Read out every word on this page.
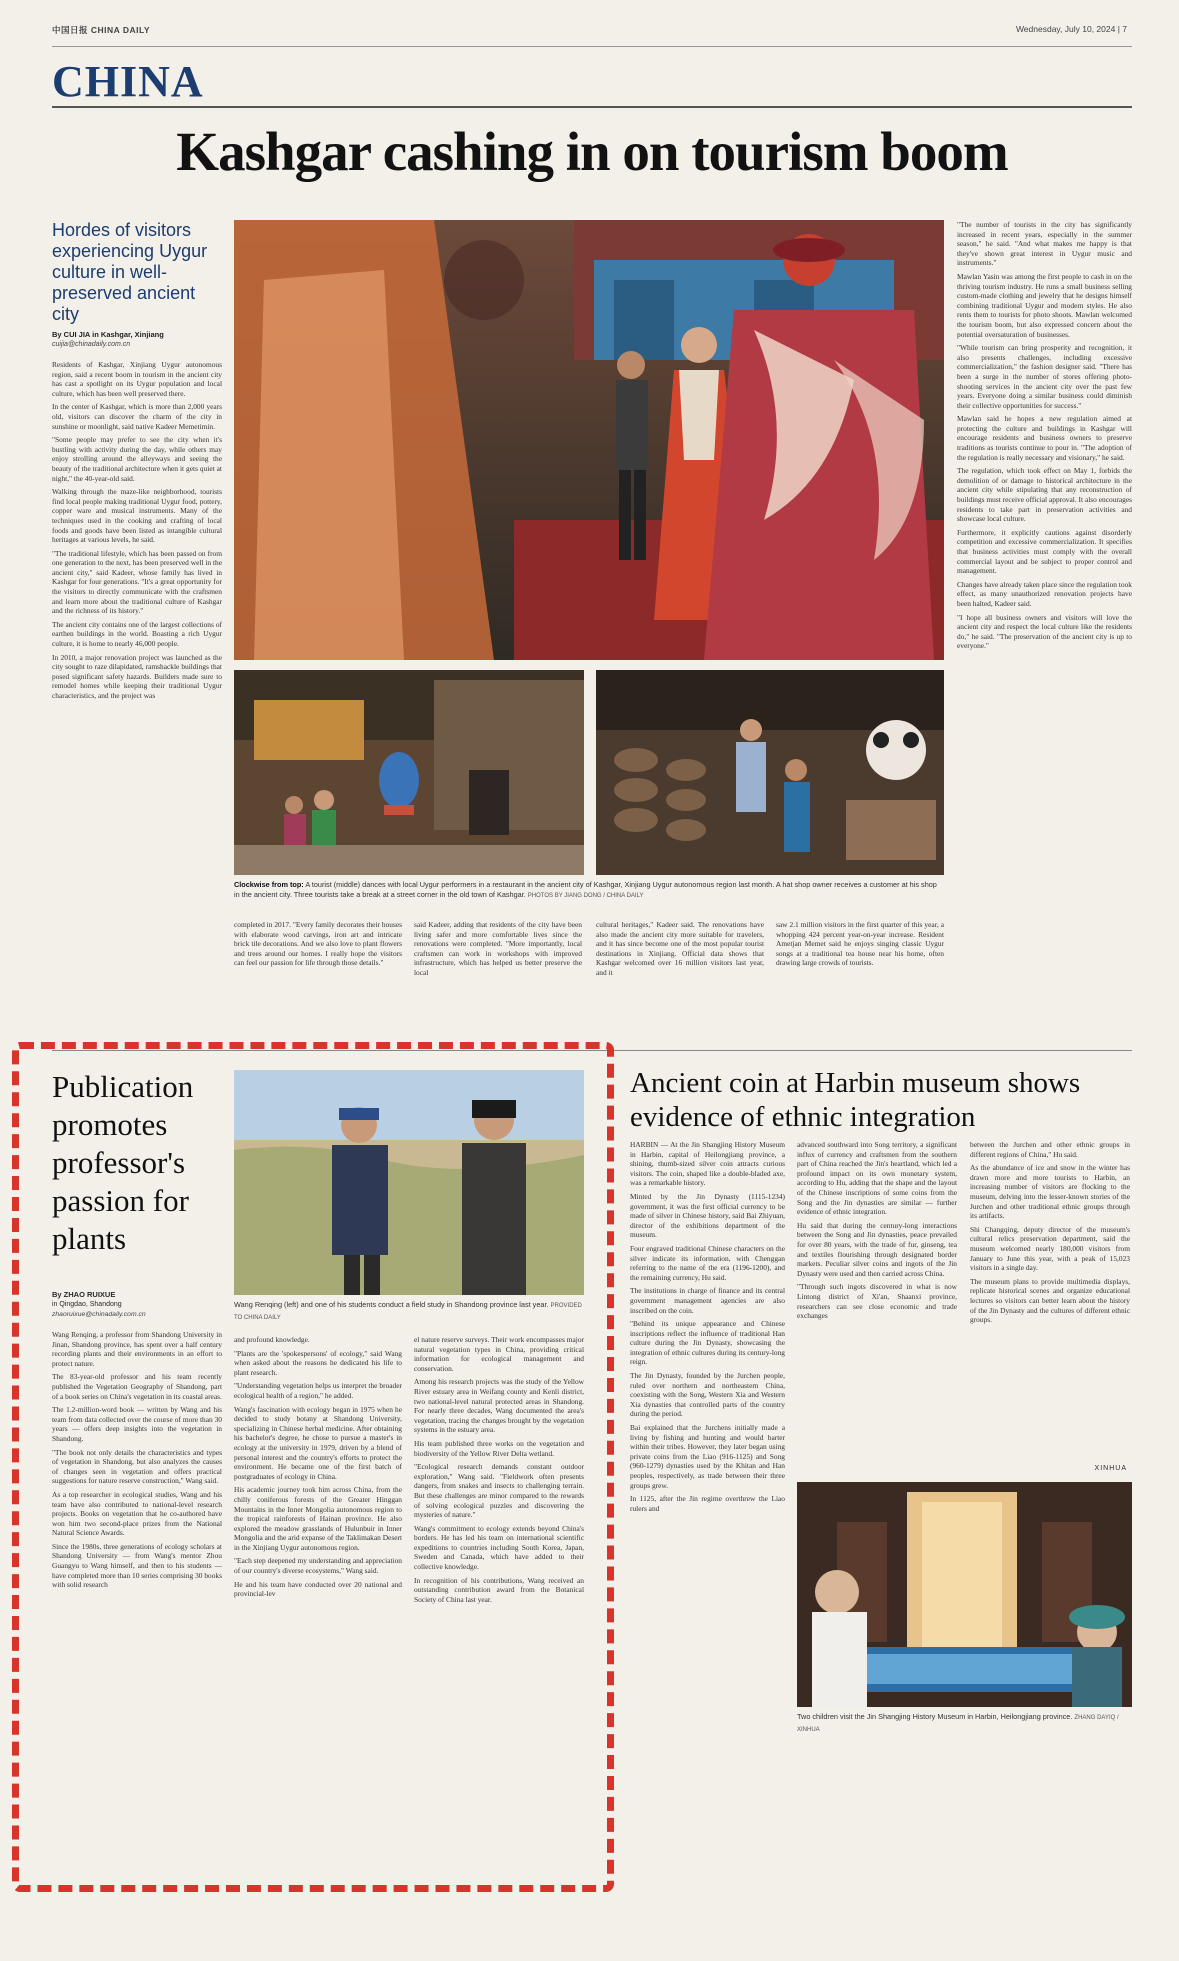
中国日报 CHINA DAILY	Wednesday, July 10, 2024 | 7
CHINA
Kashgar cashing in on tourism boom
Hordes of visitors experiencing Uygur culture in well-preserved ancient city
By CUI JIA in Kashgar, Xinjiang
cuijia@chinadaily.com.cn

Residents of Kashgar, Xinjiang Uygur autonomous region, said a recent boom in tourism in the ancient city has cast a spotlight on its Uygur population and local culture, which has been well preserved there.

In the center of Kashgar, which is more than 2,000 years old, visitors can discover the charm of the city in sunshine or moonlight, said native Kadeer Memetimin.

"Some people may prefer to see the city when it's bustling with activity during the day, while others may enjoy strolling around the alleyways and seeing the beauty of the traditional architecture when it gets quiet at night," the 40-year-old said.

Walking through the maze-like neighborhood, tourists find local people making traditional Uygur food, pottery, copper ware and musical instruments. Many of the techniques used in the cooking and crafting of local foods and goods have been listed as intangible cultural heritages at various levels, he said.

"The traditional lifestyle, which has been passed on from one generation to the next, has been preserved well in the ancient city," said Kadeer, whose family has lived in Kashgar for four generations. "It's a great opportunity for the visitors to directly communicate with the craftsmen and learn more about the traditional culture of Kashgar and the richness of its history."

The ancient city contains one of the largest collections of earthen buildings in the world. Boasting a rich Uygur culture, it is home to nearly 46,000 people.

In 2010, a major renovation project was launched as the city sought to raze dilapidated, ramshackle buildings that posed significant safety hazards. Builders made sure to remodel homes while keeping their traditional Uygur characteristics, and the project was

Clockwise from top: A tourist (middle) dances with local Uygur performers in a restaurant in the ancient city of Kashgar, Xinjiang Uygur autonomous region last month. A hat shop owner receives a customer at his shop in the ancient city. Three tourists take a break at a street corner in the old town of Kashgar. PHOTOS BY JIANG DONG / CHINA DAILY

"The number of tourists in the city has significantly increased in recent years, especially in the summer season," he said. "And what makes me happy is that they've shown great interest in Uygur music and instruments."

Mawlan Yasin was among the first people to cash in on the thriving tourism industry. He runs a small business selling custom-made clothing and jewelry that he designs himself combining traditional Uygur and modern styles. He also rents them to tourists for photo shoots. Mawlan welcomed the tourism boom, but also expressed concern about the potential oversaturation of businesses.

"While tourism can bring prosperity and recognition, it also presents challenges, including excessive commercialization," the fashion designer said. "There has been a surge in the number of stores offering photo-shooting services in the ancient city over the past few years. Everyone doing a similar business could diminish their collective opportunities for success."

Mawlan said he hopes a new regulation aimed at protecting the culture and buildings in Kashgar will encourage residents and business owners to preserve traditions as tourists continue to pour in. "The adoption of the regulation is really necessary and visionary," he said.

The regulation, which took effect on May 1, forbids the demolition of or damage to historical architecture in the ancient city while stipulating that any reconstruction of buildings must receive official approval. It also encourages residents to take part in preservation activities and showcase local culture.

Furthermore, it explicitly cautions against disorderly competition and excessive commercialization. It specifies that business activities must comply with the overall commercial layout and be subject to proper control and management.

Changes have already taken place since the regulation took effect, as many unauthorized renovation projects have been halted, Kadeer said.

"I hope all business owners and visitors will love the ancient city and respect the local culture like the residents do," he said. "The preservation of the ancient city is up to everyone."

completed in 2017. "Every family decorates their houses with elaborate wood carvings, iron art and intricate brick tile decorations. And we also love to plant flowers and trees around our homes. I really hope the visitors can feel our passion for life through those details."
said Kadeer, adding that residents of the city have been living safer and more comfortable lives since the renovations were completed. "More importantly, local craftsmen can work in workshops with improved infrastructure, which has helped us better preserve the local
cultural heritages," Kadeer said. The renovations have also made the ancient city more suitable for travelers, and it has since become one of the most popular tourist destinations in Xinjiang. Official data shows that Kashgar welcomed over 16 million visitors last year, and it
saw 2.1 million visitors in the first quarter of this year, a whopping 424 percent year-on-year increase. Resident Ametjan Memet said he enjoys singing classic Uygur songs at a traditional tea house near his home, often drawing large crowds of tourists.
Publication promotes professor's passion for plants
By ZHAO RUIXUE
in Qingdao, Shandong
zhaoruixue@chinadaily.com.cn
Wang Renqing (left) and one of his students conduct a field study in Shandong province last year. PROVIDED TO CHINA DAILY

Wang Renqing, a professor from Shandong University in Jinan, Shandong province, has spent over a half century recording plants and their environments in an effort to protect nature.

The 83-year-old professor and his team recently published the Vegetation Geography of Shandong, part of a book series on China's vegetation in its coastal areas.

The 1.2-million-word book — written by Wang and his team from data collected over the course of more than 30 years — offers deep insights into the vegetation in Shandong.

"The book not only details the characteristics and types of vegetation in Shandong, but also analyzes the causes of changes seen in vegetation and offers practical suggestions for nature reserve construction," Wang said.

As a top researcher in ecological studies, Wang and his team have also contributed to national-level research projects. Books on vegetation that he co-authored have won him two second-place prizes from the National Natural Science Awards.

Since the 1980s, three generations of ecology scholars at Shandong University — from Wang's mentor Zhou Guangyu to Wang himself, and then to his students — have completed more than 10 series comprising 30 books with solid research

and profound knowledge.

"Plants are the 'spokespersons' of ecology," said Wang when asked about the reasons he dedicated his life to plant research.

"Understanding vegetation helps us interpret the broader ecological health of a region," he added.

Wang's fascination with ecology began in 1975 when he decided to study botany at Shandong University, specializing in Chinese herbal medicine. After obtaining his bachelor's degree, he chose to pursue a master's in ecology at the university in 1979, driven by a blend of personal interest and the country's efforts to protect the environment. He became one of the first batch of postgraduates of ecology in China.

His academic journey took him across China, from the chilly coniferous forests of the Greater Hinggan Mountains in the Inner Mongolia autonomous region to the tropical rainforests of Hainan province. He also explored the meadow grasslands of Hulunbuir in Inner Mongolia and the arid expanse of the Taklimakan Desert in the Xinjiang Uygur autonomous region.

"Each step deepened my understanding and appreciation of our country's diverse ecosystems," Wang said.

He and his team have conducted over 20 national and provincial-lev

el nature reserve surveys. Their work encompasses major natural vegetation types in China, providing critical information for ecological management and conservation.

Among his research projects was the study of the Yellow River estuary area in Weifang county and Kenli district, two national-level natural protected areas in Shandong. For nearly three decades, Wang documented the area's vegetation, tracing the changes brought by the vegetation systems in the estuary area.

His team published three works on the vegetation and biodiversity of the Yellow River Delta wetland.

"Ecological research demands constant outdoor exploration," Wang said. "Fieldwork often presents dangers, from snakes and insects to challenging terrain. But these challenges are minor compared to the rewards of solving ecological puzzles and discovering the mysteries of nature."

Wang's commitment to ecology extends beyond China's borders. He has led his team on international scientific expeditions to countries including South Korea, Japan, Sweden and Canada, which have added to their collective knowledge.

In recognition of his contributions, Wang received an outstanding contribution award from the Botanical Society of China last year.

Ancient coin at Harbin museum shows evidence of ethnic integration

HARBIN — At the Jin Shangjing History Museum in Harbin, capital of Heilongjiang province, a shining, thumb-sized silver coin attracts curious visitors. The coin, shaped like a double-bladed axe, was a remarkable history.

Minted by the Jin Dynasty (1115-1234) government, it was the first official currency to be made of silver in Chinese history, said Bai Zhiyuan, director of the exhibitions department of the museum.

Four engraved traditional Chinese characters on the silver indicate its information, with Chenggan referring to the name of the era (1196-1200), and the remaining currency, Hu said.

The institutions in charge of finance and its central government management agencies are also inscribed on the coin.

"Behind its unique appearance and Chinese inscriptions reflect the influence of traditional Han culture during the Jin Dynasty, showcasing the integration of ethnic cultures during its century-long reign.

The Jin Dynasty, founded by the Jurchen people, ruled over northern and northeastern China, coexisting with the Song, Western Xia and Western Xia dynasties that controlled parts of the country during the period.

Bai explained that the Jurchens initially made a living by fishing and hunting and would barter within their tribes. However, they later began using private coins from the Liao (916-1125) and Song (960-1279) dynasties used by the Khitan and Han peoples, respectively, as trade between their three groups grew.

In 1125, after the Jin regime overthrew the Liao rulers and

advanced southward into Song territory, a significant influx of currency and craftsmen from the southern part of China reached the Jin's heartland, which led a profound impact on its own monetary system, according to Hu, adding that the shape and the layout of the Chinese inscriptions of some coins from the Song and the Jin dynasties are similar — further evidence of ethnic integration.

Hu said that during the century-long interactions between the Song and Jin dynasties, peace prevailed for over 80 years, with the trade of fur, ginseng, tea and textiles flourishing through designated border markets. Peculiar silver coins and ingots of the Jin Dynasty were used and then carried across China.

"Through such ingots discovered in what is now Lintong district of Xi'an, Shaanxi province, researchers can see close economic and trade exchanges

between the Jurchen and other ethnic groups in different regions of China," Hu said.

As the abundance of ice and snow in the winter has drawn more and more tourists to Harbin, an increasing number of visitors are flocking to the museum, delving into the lesser-known stories of the Jurchen and other traditional ethnic groups through its artifacts.

Shi Changqing, deputy director of the museum's cultural relics preservation department, said the museum welcomed nearly 180,000 visitors from January to June this year, with a peak of 15,023 visitors in a single day.

The museum plans to provide multimedia displays, replicate historical scenes and organize educational lectures so visitors can better learn about the history of the Jin Dynasty and the cultures of different ethnic groups.

XINHUA
Two children visit the Jin Shangjing History Museum in Harbin, Heilongjiang province. ZHANG DAYIQ / XINHUA
